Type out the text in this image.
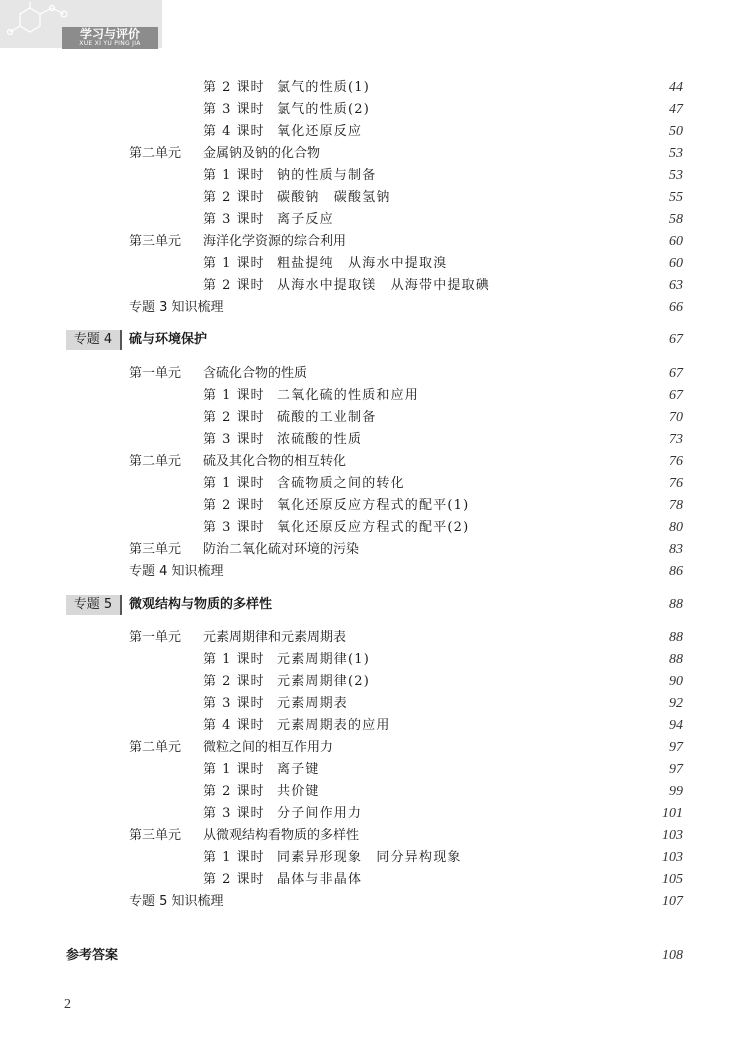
学习与评价
XUE XI YU PING JIA
第 2 课时 氯气的性质(1)	44
第 3 课时 氯气的性质(2)	47
第 4 课时 氧化还原反应	50
第二单元 金属钠及钠的化合物	53
第 1 课时 钠的性质与制备	53
第 2 课时 碳酸钠　碳酸氢钠	55
第 3 课时 离子反应	58
第三单元 海洋化学资源的综合利用	60
第 1 课时 粗盐提纯　从海水中提取溴	60
第 2 课时 从海水中提取镁　从海带中提取碘	63
专题 3 知识梳理	66
专题 4	硫与环境保护	67
第一单元 含硫化合物的性质	67
第 1 课时 二氧化硫的性质和应用	67
第 2 课时 硫酸的工业制备	70
第 3 课时 浓硫酸的性质	73
第二单元 硫及其化合物的相互转化	76
第 1 课时 含硫物质之间的转化	76
第 2 课时 氧化还原反应方程式的配平(1)	78
第 3 课时 氧化还原反应方程式的配平(2)	80
第三单元 防治二氧化硫对环境的污染	83
专题 4 知识梳理	86
专题 5	微观结构与物质的多样性	88
第一单元 元素周期律和元素周期表	88
第 1 课时 元素周期律(1)	88
第 2 课时 元素周期律(2)	90
第 3 课时 元素周期表	92
第 4 课时 元素周期表的应用	94
第二单元 微粒之间的相互作用力	97
第 1 课时 离子键	97
第 2 课时 共价键	99
第 3 课时 分子间作用力	101
第三单元 从微观结构看物质的多样性	103
第 1 课时 同素异形现象　同分异构现象	103
第 2 课时 晶体与非晶体	105
专题 5 知识梳理	107
参考答案	108
2
